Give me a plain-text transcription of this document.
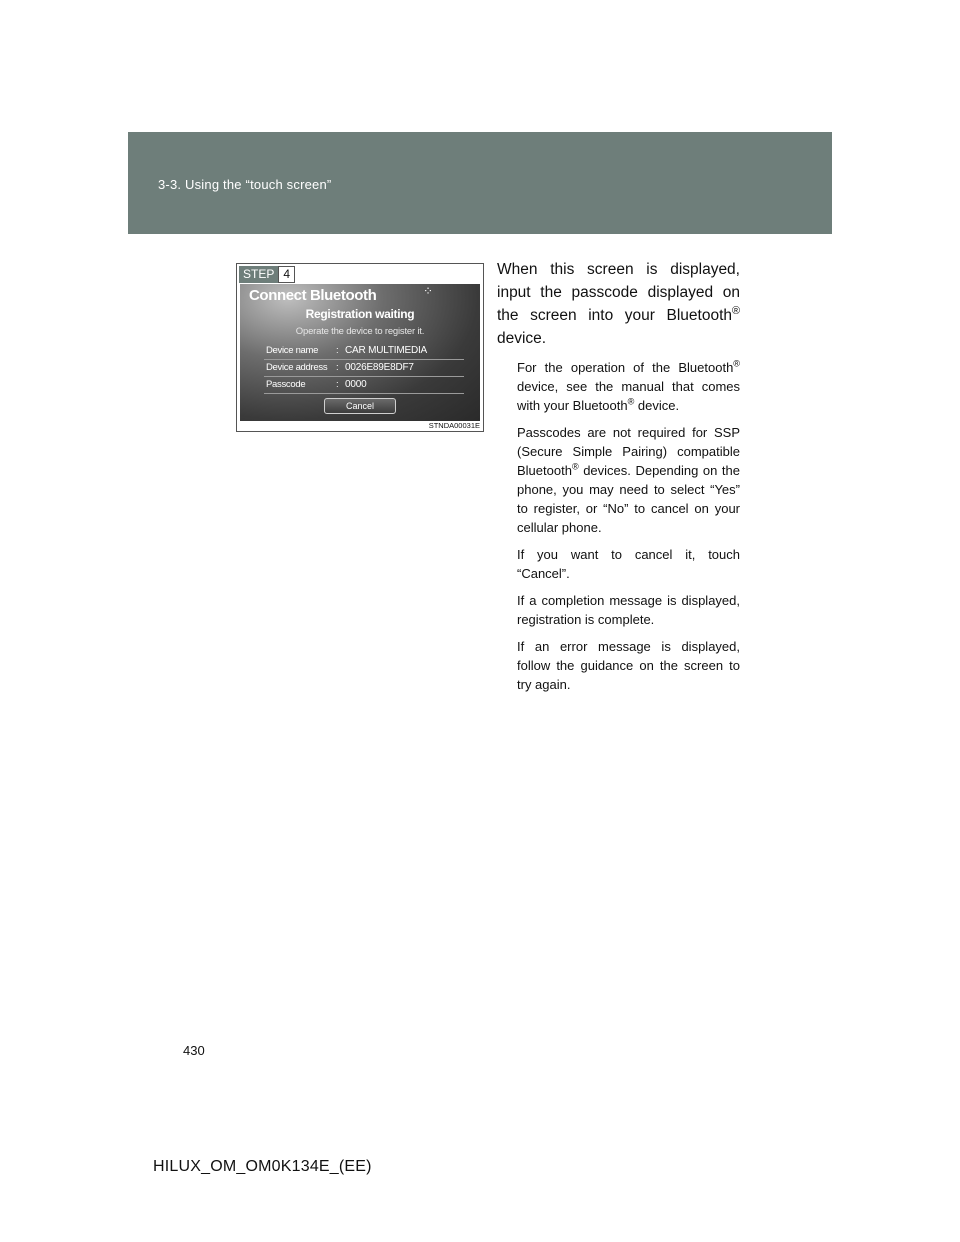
3-3. Using the “touch screen”
STEP 4
Connect Bluetooth	⁘
Registration waiting
Operate the device to register it.
Device name : CAR MULTIMEDIA
Device address : 0026E89E8DF7
Passcode	: 0000
Cancel
STNDA00031E

When this screen is displayed, input the passcode displayed on the screen into your Bluetooth® device.

For the operation of the Bluetooth® device, see the manual that comes with your Bluetooth® device.

Passcodes are not required for SSP (Secure Simple Pairing) compatible Bluetooth® devices. Depending on the phone, you may need to select “Yes” to register, or “No” to cancel on your cellular phone.

If you want to cancel it, touch “Cancel”.

If a completion message is displayed, registration is complete.

If an error message is displayed, follow the guidance on the screen to try again.

430
HILUX_OM_OM0K134E_(EE)
